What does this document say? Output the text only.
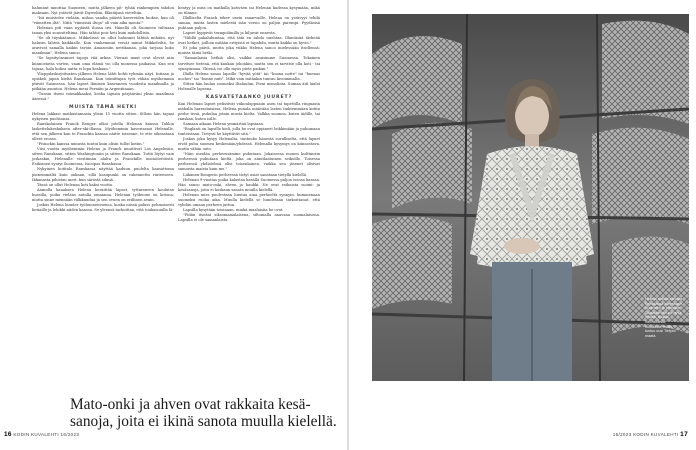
halunnut muuttaa Suomeen, mutta jälkeen pit- tyhää rankempien tahdon maksaan. Nyt ystävät jäivät Ihyweltin, fåkstäjsnä vieteltiin.

"Isä muistelee vielään, mihon vaadin päästä kavereiden luokse, kun oli "viimetten iltä". Niitä "viimeisiä iltoja" oli vain aika monta!"

Helenan piti vaan nyjäistä ilonsa irti. Hänellä oli Suomeen tultuaan tauan yksi suuositeltima. Hän tahtoi pois heti kuin mahdollista.

"Se oli täyskäännos. Mikkelissä en ollut halunnut lähteä mihään, nyt halusin lähteä kaikkialle. Kun vanhemmat veivät minut Mikkeleiltä, he aravivat samalla kaikin tavoin Amazoniin nettikauan, joka tarjoaa koko maailman", Helena sanoo.

"Se lapsityönsmuvi tapoja viiä arkea. Vieraat maat ovat olevat niin kiinnostavia varten, vaan oma elämä voi olla monessa paikassa. Kun sen tajuaa, halu kokea uutta ei lopu koskaan."

Ylioppilaskirjoitusten jälkeen Helena lähti kohti ryhmän näyt. Intiaan ja opiskeli japan kieltä Ranskaan. Kun toimittajan työt vähän myöhemmin pitivät Suomessa, hän lapset ihmisen kasvaneen vuodesta maailmalla ja pitkään asuntoa. Helena meni Perniän ja Argentiinaan.

"Tunsin itseni voimakkaaksi, koska tajusin pärjääväni yksin maailman ääressä."

MUISTA TÄMÄ HETKI

Helena lakkasi matkustamasta ylisin 15 vuotta sitten. Silloin hän tapasi nykyisen puolisonsa.

Ranskalainen Franck Renger alkoi jutella Helenan kanssa Tahlon laskettelukeskuksen after-ski-illassa. Myöhemmin kaverisanoi Helenalle, että sen jälkeen kun te Franckin kanssa näitte toisenne, te ette oikeastaan olleet erossa.

"Franckin kanssa minusta tuntui kuin olisin tullut kotiin."

Viisi vuotta myöhemmin Helena ja Franck muuttivat Los Angelesiin, sitten Ranskaan, sitten Washingtoniin ja sitten Ranskaan. Tuttä löytyi vain joskaskin, Helenalle viestinnän alalta ja Franckille insinööritöistä. Esikoinen syntyi Suomessa, Iisoopas Ranskassa.

Nykyinen kotitalo Ranskassa näyttää kaduun puolelta kansattoma pienemmältä kuin onkaan, sillä kasupunki on rakennettu rinteeseen. Ikkunasta pihistau meri, kun särästä silmiä.

Tässä on ollut Helenan koti kaksi vuotta.

Aamulla kauaksen Helena heräittää lapset, tyttäreneen koulutsn bussilla, poika vieläns autolla omaanna. Helenan työhuone on kotona, mutta sinne mennään välkkuudua ja sen ovuen on erillinen avain.

Joskus Helena kuuder työhuoneessensa, koska niissä paluss pehmoisesti kotiaille ja lelukki niiden kanssa. Se yleensä tarkoittaa, että toukaisuulla lä-

hentyy ja miss on matkalla kotiväen tai Helenan kadessa kysymään, mikä on tilanne.

Illalliselta Franck tekee usein ranarvaille. Helena on ystävyyt tehdä samaa, mutta lasten mielestä isän versio on paljon parempi. Pyydäsisä puhtaan paljon.

Lapset hyppivät trampoliinilla ja kiljuvat onnesta.

"Välillä pakahdumtaa, että tätä en tahdo unohtaa. Illantäsää tärkeää ovat hetket, joilloin mitään erityistä ei tapahdu, mutta kaikki on hyvin."

Et joka päivä, mutta joka viikko Helena sanoo mielessään itsellensä: muista tämä hetki.

"Samanlaisia hetkiä olisi, vaikka asuisimme Suomessa. Tokainen tarvitsee tietenä, että kaukan johonkin, mutta sen ei tarvitse olla koti - tai synnyinmaa. Yhtenä voi olla myös piete paikan."

Illalla Helena sanoo lapsille "hyvää yötä" tai "buona notte" tai "buenas noches" tai "bonne nuit". Mikä vain mitänkin tuntuu kivoimmalta.

Sitten hän laulaa suomeksi Iltalaulun, Pieni menolinta. Suman äiti lauloi Helenalle lapsena.

KASVATETAANKO JUURET?

Kun Helenan lapset pelissivät viikonloppuaiin asen tai tapettilla ringuasta mahalla harrastaisissa, Helena punala määvään lasten tiuktemmäan kotiin perhe tissä, puhulaa jotain musta kielta. Valkka suomea, kuten äidille, tai ranskaa, kuten isille.

Samaan aikaan Helena ymmärtää lapsiaan.

"Englanti on lapsille kieli, jolla he ovat oppineet leikkimään ja puhumaan tunteistaan. Tietysti he käyttävät sitä."

Joskus joku kysyy Helenalta, tunteuko hänestä surulliselta, että lapset eivät puhu suomea keskenään/yhdessä. Helenalla kysymys on kiinnostava, mutta vähän outo.

"Näin meidän perheessämme puhutaan. Jokaisessa monen kulttuurin perheessä puhutaan kieltä, joka on ainutlaatuinen seikoille. Toisessa perheessä yhdistelmä olisi toisenlainen, vaikka sen jäsenet olisivat samoista maista kuin me."

Liikanen-Rengerin perheessä tietyt asiat sanotaan tietyllä kielellä.

Helenan 9-vuotias poika kalastaa kesällä Suomessa paljon isonsa kanssa. Hän sanoo mato-onki, ahven ja haukki. Ne ovat ratkaista suomi- ja kesäsanoja, joita ei koskaan sanota muulla kielellä.

Helenan mies puolestaan huutaa aina perheeltä synnyin: kummenaan suomeksi ruoka aika. Muulla kielellä se huudetaan tarkoittanut, että vyhdän omaan perheen juttua.

Lapsilla kysytään toisinaan, minkä maalaisiia he ovat.

"Pidän itseäni siksomamalaisena, siltomalla anavana suomalaisena. Lapsilla ei ole samanlaista

Mato-onki ja ahven ovat rakkaita kesä-
sanoja, joita ei ikinä sanota muulla kielellä.
16 KODIN KUVALEHTI 16/2023
Helena soittaa kaivaita Ranskassa olleessaan Suomeen ja pitivystin. Taustalla hän voi hyvä ihmisä, koulua, harrastuksia, ruokaasia, mutta tuntuu uusi Tietysti maata.
16/2023 KODIN KUVALEHTI 17
